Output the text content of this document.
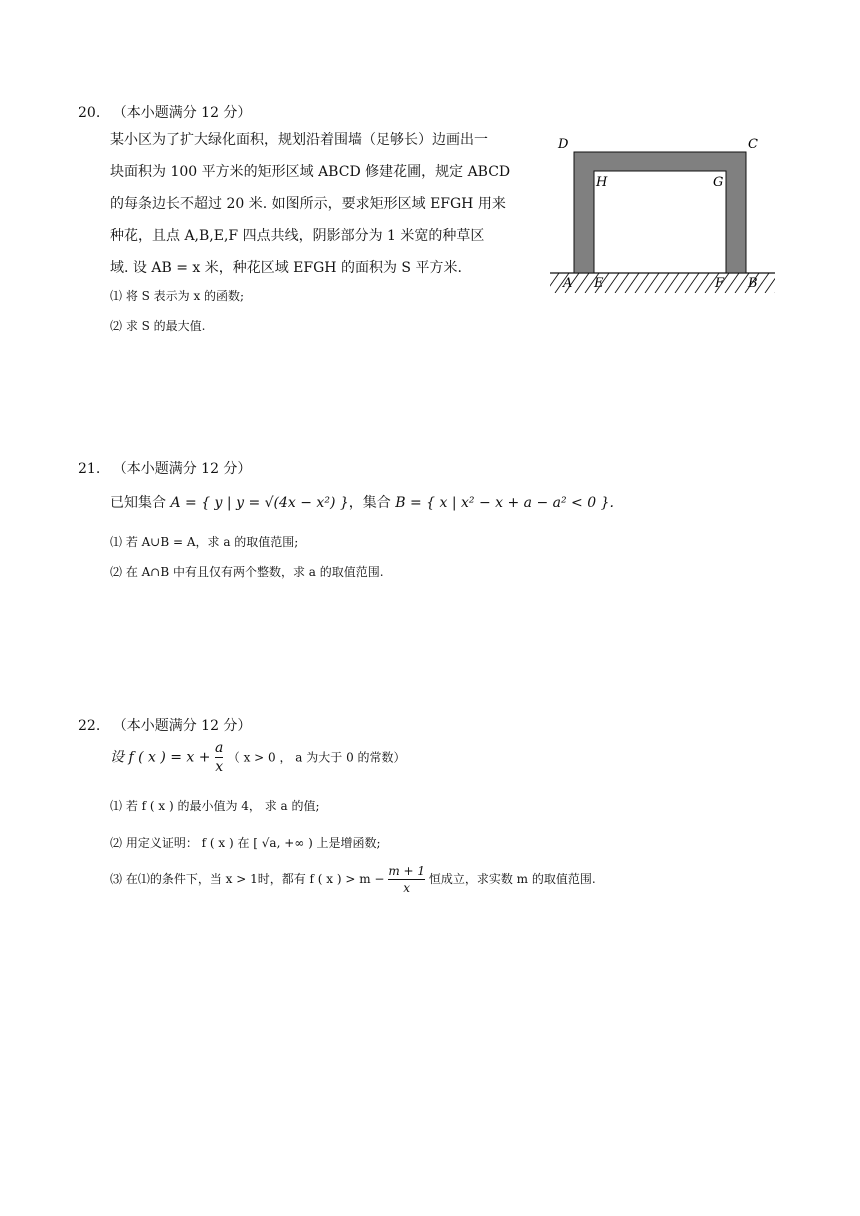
20. （本小题满分 12 分）
某小区为了扩大绿化面积，规划沿着围墙（足够长）边画出一
块面积为 100 平方米的矩形区域 ABCD 修建花圃，规定 ABCD
的每条边长不超过 20 米. 如图所示，要求矩形区域 EFGH 用来
种花，且点 A,B,E,F 四点共线，阴影部分为 1 米宽的种草区
域. 设 AB = x 米，种花区域 EFGH 的面积为 S 平方米.
⑴ 将 S 表示为 x 的函数;
⑵ 求 S 的最大值.
D	C
H	G
A E	F B
21. （本小题满分 12 分）
已知集合 A = { y | y = √(4x − x²) }，集合 B = { x | x² − x + a − a² < 0 }.
⑴ 若 A∪B = A，求 a 的取值范围;
⑵ 在 A∩B 中有且仅有两个整数，求 a 的取值范围.
22. （本小题满分 12 分）
设 f ( x ) = $x + \frac{a}{x}$ （ x > 0 ， a 为大于 0 的常数）
⑴ 若 f ( x ) 的最小值为 4， 求 a 的值;
⑵ 用定义证明： f ( x ) 在 [ √a, +∞ ) 上是增函数;
⑶ 在⑴的条件下，当 x > 1时，都有 f ( x ) > $m - \frac{m + 1}{x}$ 恒成立，求实数 m 的取值范围.
